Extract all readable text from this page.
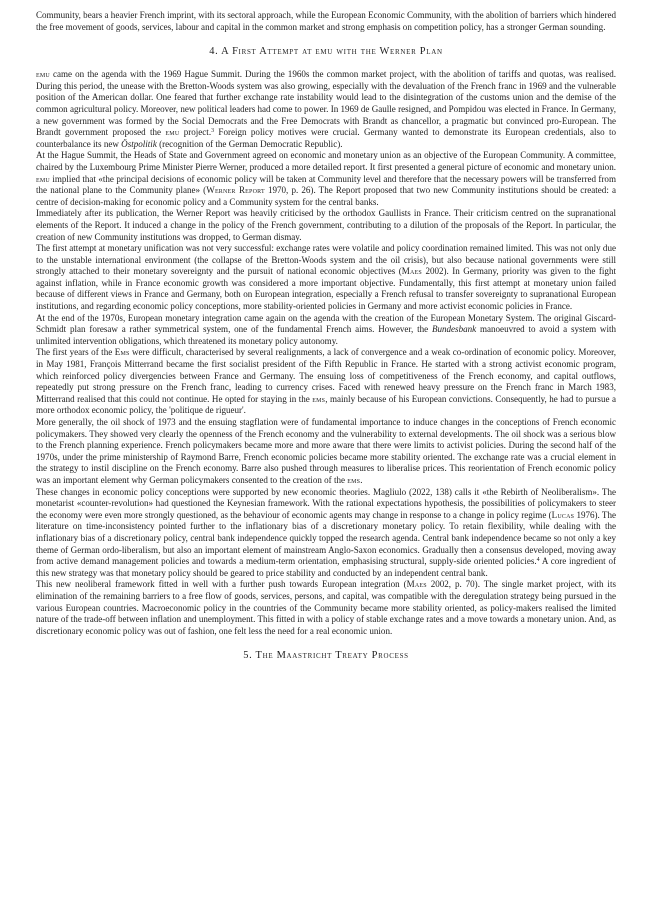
Community, bears a heavier French imprint, with its sectoral approach, while the European Economic Community, with the abolition of barriers which hindered the free movement of goods, services, labour and capital in the common market and strong emphasis on competition policy, has a stronger German sounding.

4. A First Attempt at emu with the Werner Plan

emu came on the agenda with the 1969 Hague Summit. During the 1960s the common market project, with the abolition of tariffs and quotas, was realised. During this period, the unease with the Bretton-Woods system was also growing, especially with the devaluation of the French franc in 1969 and the vulnerable position of the American dollar. One feared that further exchange rate instability would lead to the disintegration of the customs union and the demise of the common agricultural policy. Moreover, new political leaders had come to power. In 1969 de Gaulle resigned, and Pompidou was elected in France. In Germany, a new government was formed by the Social Democrats and the Free Democrats with Brandt as chancellor, a pragmatic but convinced pro-European. The Brandt government proposed the emu project.$^3$ Foreign policy motives were crucial. Germany wanted to demonstrate its European credentials, also to counterbalance its new Östpolitik (recognition of the German Democratic Republic).

At the Hague Summit, the Heads of State and Government agreed on economic and monetary union as an objective of the European Community. A committee, chaired by the Luxembourg Prime Minister Pierre Werner, produced a more detailed report. It first presented a general picture of economic and monetary union. emu implied that «the principal decisions of economic policy will be taken at Community level and therefore that the necessary powers will be transferred from the national plane to the Community plane» (Werner Report 1970, p. 26). The Report proposed that two new Community institutions should be created: a centre of decision-making for economic policy and a Community system for the central banks.

Immediately after its publication, the Werner Report was heavily criticised by the orthodox Gaullists in France. Their criticism centred on the supranational elements of the Report. It induced a change in the policy of the French government, contributing to a dilution of the proposals of the Report. In particular, the creation of new Community institutions was dropped, to German dismay.

The first attempt at monetary unification was not very successful: exchange rates were volatile and policy coordination remained limited. This was not only due to the unstable international environment (the collapse of the Bretton-Woods system and the oil crisis), but also because national governments were still strongly attached to their monetary sovereignty and the pursuit of national economic objectives (Maes 2002). In Germany, priority was given to the fight against inflation, while in France economic growth was considered a more important objective. Fundamentally, this first attempt at monetary union failed because of different views in France and Germany, both on European integration, especially a French refusal to transfer sovereignty to supranational European institutions, and regarding economic policy conceptions, more stability-oriented policies in Germany and more activist economic policies in France.

At the end of the 1970s, European monetary integration came again on the agenda with the creation of the European Monetary System. The original Giscard-Schmidt plan foresaw a rather symmetrical system, one of the fundamental French aims. However, the Bundesbank manoeuvred to avoid a system with unlimited intervention obligations, which threatened its monetary policy autonomy.

The first years of the Ems were difficult, characterised by several realignments, a lack of convergence and a weak co-ordination of economic policy. Moreover, in May 1981, François Mitterrand became the first socialist president of the Fifth Republic in France. He started with a strong activist economic program, which reinforced policy divergencies between France and Germany. The ensuing loss of competitiveness of the French economy, and capital outflows, repeatedly put strong pressure on the French franc, leading to currency crises. Faced with renewed heavy pressure on the French franc in March 1983, Mitterrand realised that this could not continue. He opted for staying in the ems, mainly because of his European convictions. Consequently, he had to pursue a more orthodox economic policy, the 'politique de rigueur'.

More generally, the oil shock of 1973 and the ensuing stagflation were of fundamental importance to induce changes in the conceptions of French economic policymakers. They showed very clearly the openness of the French economy and the vulnerability to external developments. The oil shock was a serious blow to the French planning experience. French policymakers became more and more aware that there were limits to activist policies. During the second half of the 1970s, under the prime ministership of Raymond Barre, French economic policies became more stability oriented. The exchange rate was a crucial element in the strategy to instil discipline on the French economy. Barre also pushed through measures to liberalise prices. This reorientation of French economic policy was an important element why German policymakers consented to the creation of the ems.

These changes in economic policy conceptions were supported by new economic theories. Magliulo (2022, 138) calls it «the Rebirth of Neoliberalism». The monetarist «counter-revolution» had questioned the Keynesian framework. With the rational expectations hypothesis, the possibilities of policymakers to steer the economy were even more strongly questioned, as the behaviour of economic agents may change in response to a change in policy regime (Lucas 1976). The literature on time-inconsistency pointed further to the inflationary bias of a discretionary monetary policy. To retain flexibility, while dealing with the inflationary bias of a discretionary policy, central bank independence quickly topped the research agenda. Central bank independence became so not only a key theme of German ordo-liberalism, but also an important element of mainstream Anglo-Saxon economics. Gradually then a consensus developed, moving away from active demand management policies and towards a medium-term orientation, emphasising structural, supply-side oriented policies.$^4$ A core ingredient of this new strategy was that monetary policy should be geared to price stability and conducted by an independent central bank.

This new neoliberal framework fitted in well with a further push towards European integration (Maes 2002, p. 70). The single market project, with its elimination of the remaining barriers to a free flow of goods, services, persons, and capital, was compatible with the deregulation strategy being pursued in the various European countries. Macroeconomic policy in the countries of the Community became more stability oriented, as policy-makers realised the limited nature of the trade-off between inflation and unemployment. This fitted in with a policy of stable exchange rates and a move towards a monetary union. And, as discretionary economic policy was out of fashion, one felt less the need for a real economic union.

5. The Maastricht Treaty Process
